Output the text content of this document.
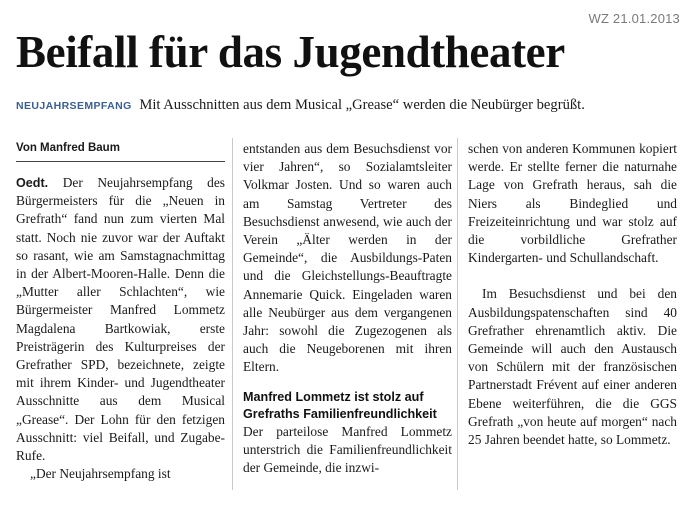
WZ 21.01.2013
Beifall für das Jugendtheater
NEUJAHRSEMPFANG Mit Ausschnitten aus dem Musical „Grease“ werden die Neubürger begrüßt.
Von Manfred Baum

Oedt. Der Neujahrsempfang des Bürgermeisters für die „Neuen in Grefrath“ fand nun zum vierten Mal statt. Noch nie zuvor war der Auftakt so rasant, wie am Samstagnachmittag in der Albert-Mooren-Halle. Denn die „Mutter aller Schlachten“, wie Bürgermeister Manfred Lommetz Magdalena Bartkowiak, erste Preisträgerin des Kulturpreises der Grefrather SPD, bezeichnete, zeigte mit ihrem Kinder- und Jugendtheater Ausschnitte aus dem Musical „Grease“. Der Lohn für den fetzigen Ausschnitt: viel Beifall, und Zugabe-Rufe.

„Der Neujahrsempfang ist

entstanden aus dem Besuchsdienst vor vier Jahren“, so Sozialamtsleiter Volkmar Josten. Und so waren auch am Samstag Vertreter des Besuchsdienst anwesend, wie auch der Verein „Älter werden in der Gemeinde“, die Ausbildungs-Paten und die Gleichstellungs-Beauftragte Annemarie Quick. Eingeladen waren alle Neubürger aus dem vergangenen Jahr: sowohl die Zugezogenen als auch die Neugeborenen mit ihren Eltern.

Manfred Lommetz ist stolz auf Grefraths Familienfreundlichkeit

Der parteilose Manfred Lommetz unterstrich die Familienfreundlichkeit der Gemeinde, die inzwi-

schen von anderen Kommunen kopiert werde. Er stellte ferner die naturnahe Lage von Grefrath heraus, sah die Niers als Bindeglied und Freizeiteinrichtung und war stolz auf die vorbildliche Grefrather Kindergarten- und Schullandschaft.

Im Besuchsdienst und bei den Ausbildungspatenschaften sind 40 Grefrather ehrenamtlich aktiv. Die Gemeinde will auch den Austausch von Schülern mit der französischen Partnerstadt Frévent auf einer anderen Ebene weiterführen, die die GGS Grefrath „von heute auf morgen“ nach 25 Jahren beendet hatte, so Lommetz.
